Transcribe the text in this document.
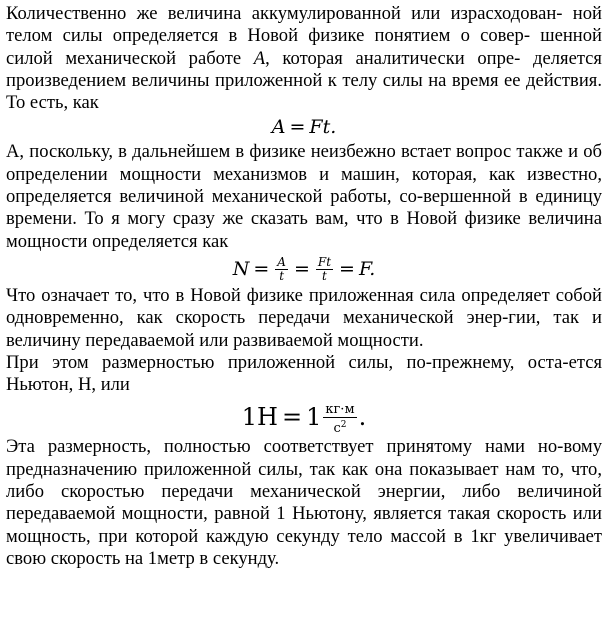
Количественно же величина аккумулированной или израсходован- ной телом силы определяется в Новой физике понятием о совер- шенной силой механической работе A, которая аналитически опре- деляется произведением величины приложенной к телу силы на время ее действия. То есть, как

A = Ft.

А, поскольку, в дальнейшем в физике неизбежно встает вопрос также и об определении мощности механизмов и машин, которая, как известно, определяется величиной механической работы, со-вершенной в единицу времени. То я могу сразу же сказать вам, что в Новой физике величина мощности определяется как

$N = \frac{A}{t} = \frac{Ft}{t} = F$.

Что означает то, что в Новой физике приложенная сила определяет собой одновременно, как скорость передачи механической энер-гии, так и величину передаваемой или развиваемой мощности.

При этом размерностью приложенной силы, по-прежнему, оста-ется Ньютон, Н, или

$1Н = 1 \frac{кг\cdot м}{с^2}$ .

Эта размерность, полностью соответствует принятому нами но-вому предназначению приложенной силы, так как она показывает нам то, что, либо скоростью передачи механической энергии, либо величиной передаваемой мощности, равной 1 Ньютону, является такая скорость или мощность, при которой каждую секунду тело массой в 1кг увеличивает свою скорость на 1метр в секунду.
